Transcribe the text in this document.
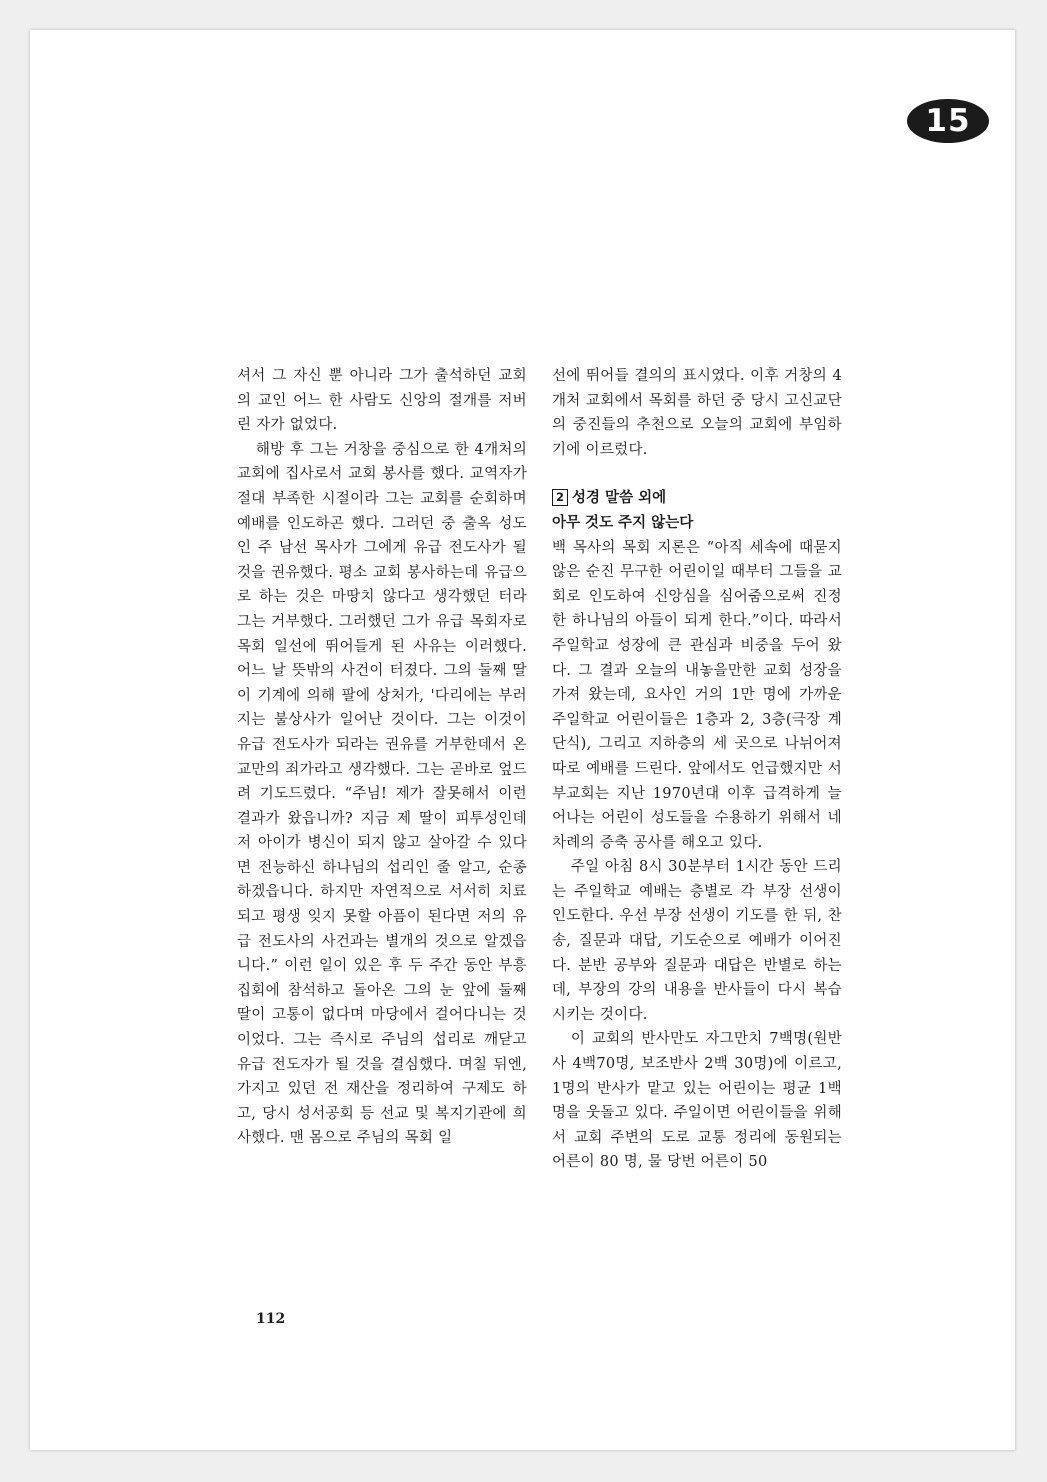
15

셔서 그 자신 뿐 아니라 그가 출석하던 교회의 교인 어느 한 사람도 신앙의 절개를 저버린 자가 없었다.

해방 후 그는 거창을 중심으로 한 4개처의 교회에 집사로서 교회 봉사를 했다. 교역자가 절대 부족한 시절이라 그는 교회를 순회하며 예배를 인도하곤 했다. 그러던 중 출옥 성도인 주 남선 목사가 그에게 유급 전도사가 될 것을 권유했다. 평소 교회 봉사하는데 유급으로 하는 것은 마땅치 않다고 생각했던 터라 그는 거부했다. 그러했던 그가 유급 목회자로 목회 일선에 뛰어들게 된 사유는 이러했다. 어느 날 뜻밖의 사건이 터졌다. 그의 둘째 딸이 기계에 의해 팔에 상처가, '다리에는 부러지는 불상사가 일어난 것이다. 그는 이것이 유급 전도사가 되라는 권유를 거부한데서 온 교만의 죄가라고 생각했다. 그는 곧바로 엎드려 기도드렸다. “주님! 제가 잘못해서 이런 결과가 왔읍니까? 지금 제 딸이 피투성인데 저 아이가 병신이 되지 않고 살아갈 수 있다면 전능하신 하나님의 섭리인 줄 알고, 순종하겠읍니다. 하지만 자연적으로 서서히 치료되고 평생 잊지 못할 아픔이 된다면 저의 유급 전도사의 사건과는 별개의 것으로 알겠읍니다.” 이런 일이 있은 후 두 주간 동안 부흥 집회에 참석하고 돌아온 그의 눈 앞에 둘째 딸이 고통이 없다며 마당에서 걸어다니는 것이었다. 그는 즉시로 주님의 섭리로 깨닫고 유급 전도자가 될 것을 결심했다. 며칠 뒤엔, 가지고 있던 전 재산을 정리하여 구제도 하고, 당시 성서공회 등 선교 및 복지기관에 희사했다. 맨 몸으로 주님의 목회 일

선에 뛰어들 결의의 표시였다. 이후 거창의 4개처 교회에서 목회를 하던 중 당시 고신교단의 중진들의 추천으로 오늘의 교회에 부임하기에 이르렀다.

2 성경 말씀 외에
아무 것도 주지 않는다

백 목사의 목회 지론은 “아직 세속에 때묻지 않은 순진 무구한 어린이일 때부터 그들을 교회로 인도하여 신앙심을 심어줌으로써 진정한 하나님의 아들이 되게 한다.”이다. 따라서 주일학교 성장에 큰 관심과 비중을 두어 왔다. 그 결과 오늘의 내놓을만한 교회 성장을 가져 왔는데, 요사인 거의 1만 명에 가까운 주일학교 어린이들은 1층과 2, 3층(극장 계단식), 그리고 지하층의 세 곳으로 나뉘어져 따로 예배를 드린다. 앞에서도 언급했지만 서부교회는 지난 1970년대 이후 급격하게 늘어나는 어린이 성도들을 수용하기 위해서 네 차례의 증축 공사를 해오고 있다.

주일 아침 8시 30분부터 1시간 동안 드리는 주일학교 예배는 층별로 각 부장 선생이 인도한다. 우선 부장 선생이 기도를 한 뒤, 찬송, 질문과 대답, 기도순으로 예배가 이어진다. 분반 공부와 질문과 대답은 반별로 하는데, 부장의 강의 내용을 반사들이 다시 복습시키는 것이다.

이 교회의 반사만도 자그만치 7백명(원반사 4백70명, 보조반사 2백 30명)에 이르고, 1명의 반사가 맡고 있는 어린이는 평균 1백 명을 웃돌고 있다. 주일이면 어린이들을 위해서 교회 주변의 도로 교통 정리에 동원되는 어른이 80 명, 물 당번 어른이 50

112
